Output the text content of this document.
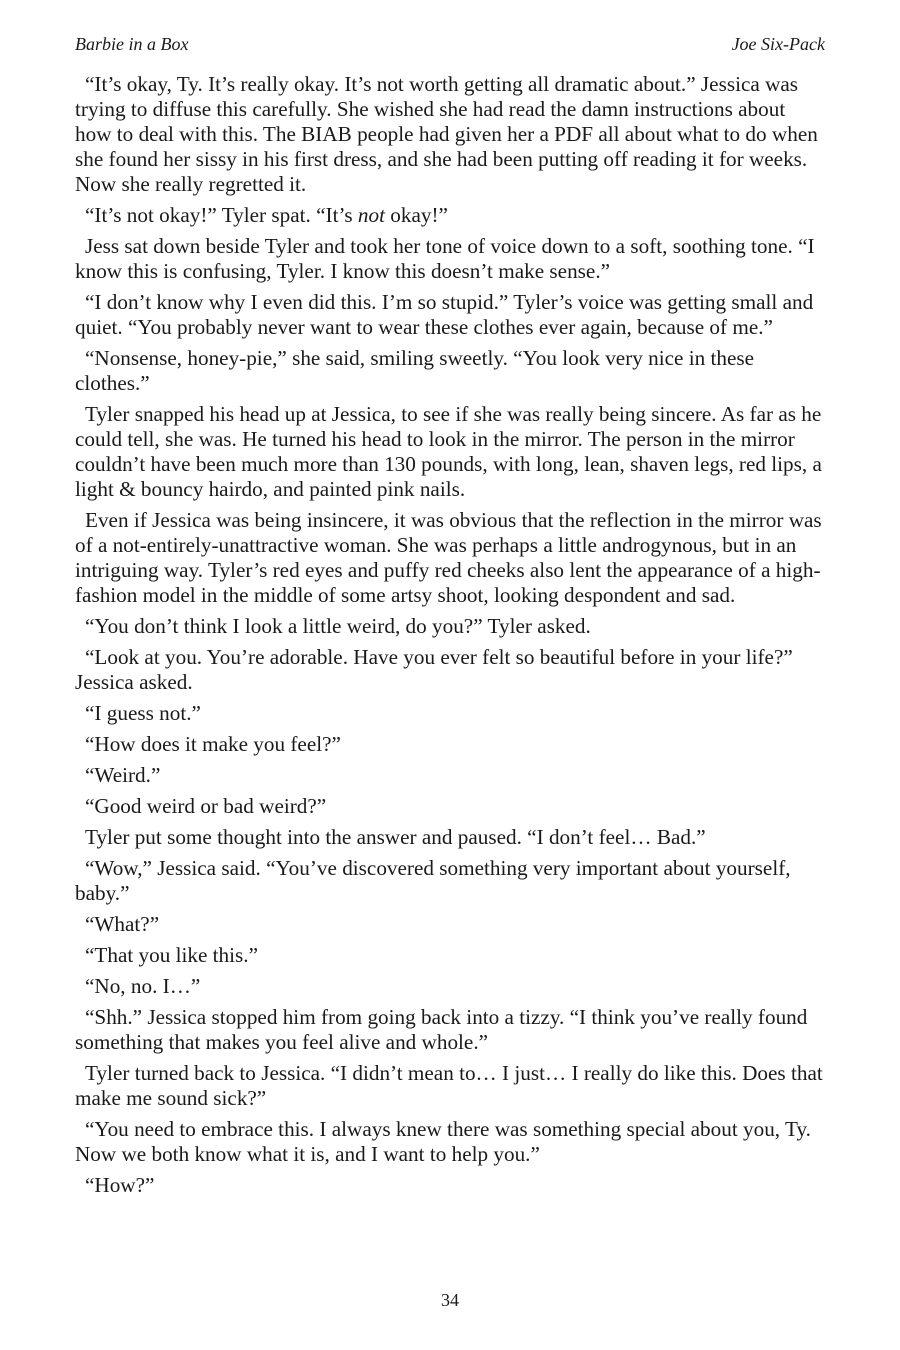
Barbie in a Box	Joe Six-Pack

“It’s okay, Ty. It’s really okay. It’s not worth getting all dramatic about.” Jessica was trying to diffuse this carefully. She wished she had read the damn instructions about how to deal with this. The BIAB people had given her a PDF all about what to do when she found her sissy in his first dress, and she had been putting off reading it for weeks. Now she really regretted it.

“It’s not okay!” Tyler spat. “It’s not okay!”

Jess sat down beside Tyler and took her tone of voice down to a soft, soothing tone. “I know this is confusing, Tyler. I know this doesn’t make sense.”

“I don’t know why I even did this. I’m so stupid.” Tyler’s voice was getting small and quiet. “You probably never want to wear these clothes ever again, because of me.”

“Nonsense, honey-pie,” she said, smiling sweetly. “You look very nice in these clothes.”

Tyler snapped his head up at Jessica, to see if she was really being sincere. As far as he could tell, she was. He turned his head to look in the mirror. The person in the mirror couldn’t have been much more than 130 pounds, with long, lean, shaven legs, red lips, a light & bouncy hairdo, and painted pink nails.

Even if Jessica was being insincere, it was obvious that the reflection in the mirror was of a not-entirely-unattractive woman. She was perhaps a little androgynous, but in an intriguing way. Tyler’s red eyes and puffy red cheeks also lent the appearance of a high-fashion model in the middle of some artsy shoot, looking despondent and sad.

“You don’t think I look a little weird, do you?” Tyler asked.

“Look at you. You’re adorable. Have you ever felt so beautiful before in your life?” Jessica asked.

“I guess not.”

“How does it make you feel?”

“Weird.”

“Good weird or bad weird?”

Tyler put some thought into the answer and paused. “I don’t feel… Bad.”

“Wow,” Jessica said. “You’ve discovered something very important about yourself, baby.”

“What?”

“That you like this.”

“No, no. I…”

“Shh.” Jessica stopped him from going back into a tizzy. “I think you’ve really found something that makes you feel alive and whole.”

Tyler turned back to Jessica. “I didn’t mean to… I just… I really do like this. Does that make me sound sick?”

“You need to embrace this. I always knew there was something special about you, Ty. Now we both know what it is, and I want to help you.”

“How?”

34
